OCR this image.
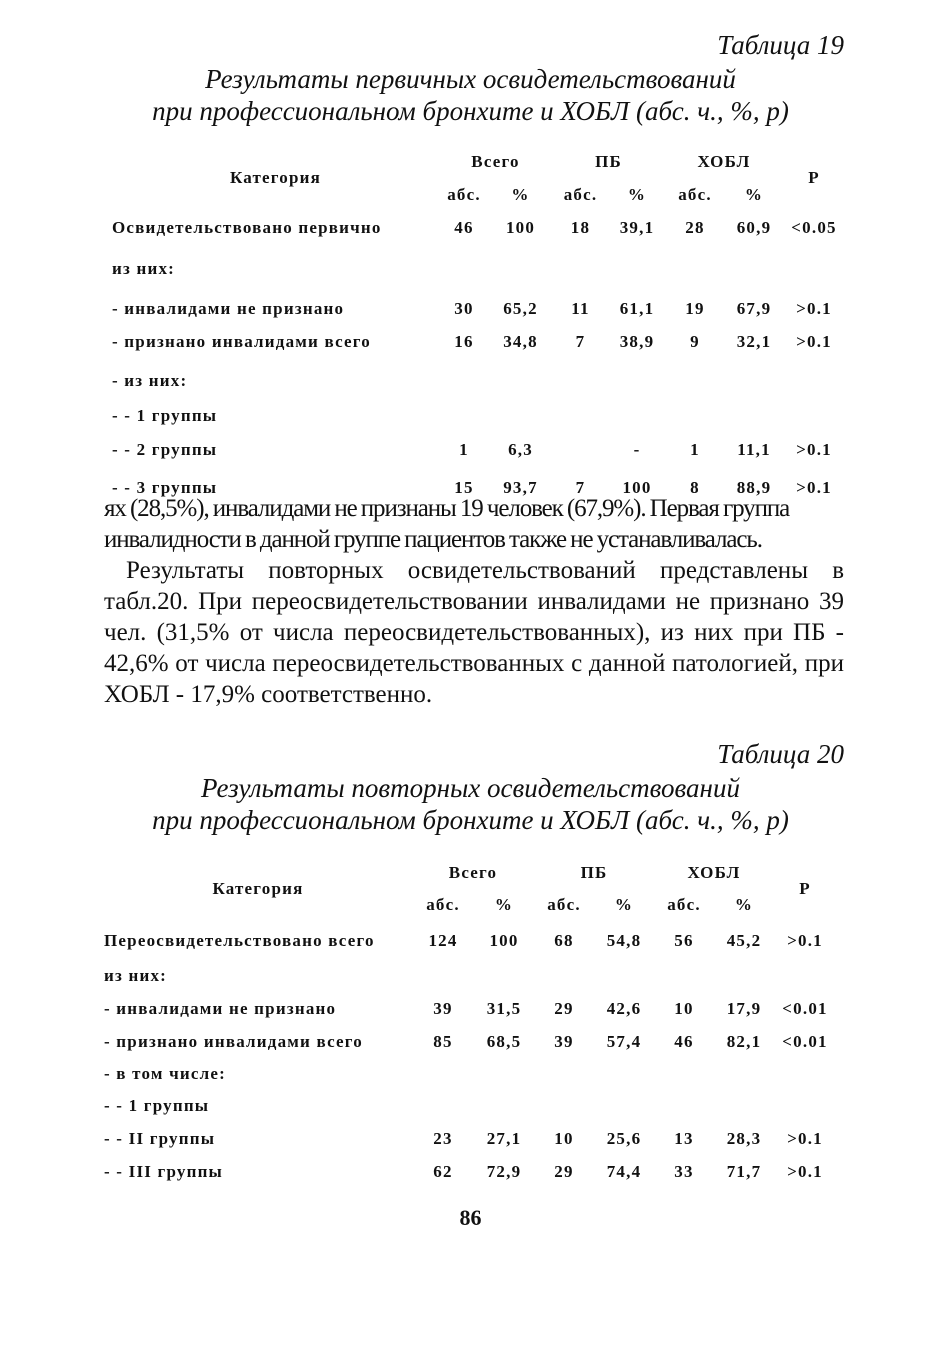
Таблица 19
Результаты первичных освидетельствований
при профессиональном бронхите и ХОБЛ (абс. ч., %, р)
Категория	Всего		ПБ		ХОБЛ		Р
	абс.	%	абс.	%	абс.	%	
Освидетельствовано первично	46	100	18	39,1	28	60,9	<0.05
из них:							
- инвалидами не признано	30	65,2	11	61,1	19	67,9	>0.1
- признано инвалидами всего	16	34,8	7	38,9	9	32,1	>0.1
- из них:							
- - 1 группы							
- - 2 группы	1	6,3		-	1	11,1	>0.1
- - 3 группы	15	93,7	7	100	8	88,9	>0.1

ях (28,5%), инвалидами не признаны 19 человек (67,9%). Первая группа

инвалидности в данной группе пациентов также не устанавливалась.

Результаты повторных освидетельствований представлены в табл.20. При переосвидетельствовании инвалидами не признано 39 чел. (31,5% от числа переосвидетельствованных), из них при ПБ - 42,6% от числа переосвидетельствованных с данной патологией, при ХОБЛ - 17,9% соответственно.

Таблица 20
Результаты повторных освидетельствований
при профессиональном бронхите и ХОБЛ (абс. ч., %, р)
Категория	Всего		ПБ		ХОБЛ		Р
	абс.	%	абс.	%	абс.	%	
Переосвидетельствовано всего	124	100	68	54,8	56	45,2	>0.1
из них:							
- инвалидами не признано	39	31,5	29	42,6	10	17,9	<0.01
- признано инвалидами всего	85	68,5	39	57,4	46	82,1	<0.01
- в том числе:							
- - 1 группы							
- - II группы	23	27,1	10	25,6	13	28,3	>0.1
- - III группы	62	72,9	29	74,4	33	71,7	>0.1
86
